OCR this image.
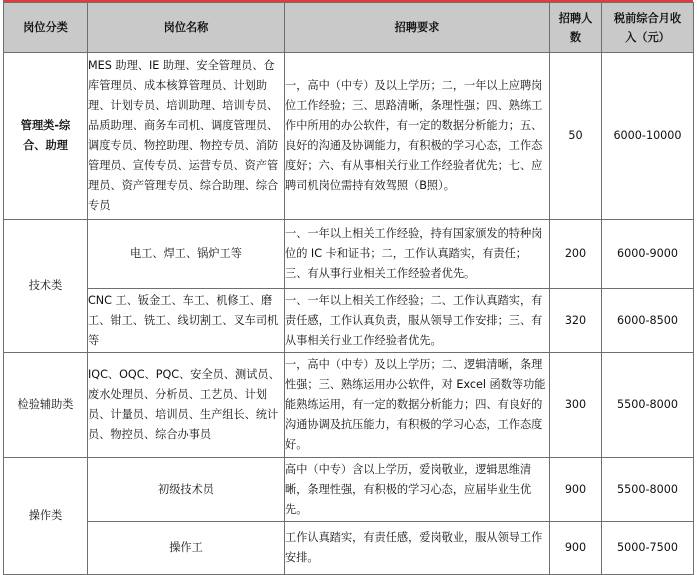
岗位分类	岗位名称	招聘要求	招聘人数	税前综合月收入（元）
管理类-综合、助理	MES 助理、IE 助理、安全管理员、仓库管理员、成本核算管理员、计划助理、计划专员、培训助理、培训专员、品质助理、商务车司机、调度管理员、调度专员、物控助理、物控专员、消防管理员、宣传专员、运营专员、资产管理员、资产管理专员、综合助理、综合专员	一，高中（中专）及以上学历；二，一年以上应聘岗位工作经验；三、思路清晰，条理性强；四、熟练工作中所用的办公软件，有一定的数据分析能力；五、良好的沟通及协调能力，有积极的学习心态，工作态度好；六、有从事相关行业工作经验者优先；七、应聘司机岗位需持有效驾照（B照）。	50	6000-10000
技术类	电工、焊工、锅炉工等	一、一年以上相关工作经验，持有国家颁发的特种岗位的 IC 卡和证书；二，工作认真踏实，有责任；三、有从事行业相关工作经验者优先。	200	6000-9000
	CNC 工、钣金工、车工、机修工、磨工、钳工、铣工、线切割工、叉车司机等	一、一年以上相关工作经验；二、工作认真踏实，有责任感，工作认真负责，服从领导工作安排；三、有从事相关行业工作经验者优先。	320	6000-8500
检验辅助类	IQC、OQC、PQC、安全员、测试员、废水处理员、分析员、工艺员、计划员、计量员、培训员、生产组长、统计员、物控员、综合办事员	一，高中（中专）及以上学历；二、逻辑清晰，条理性强；三、熟练运用办公软件，对 Excel 函数等功能能熟练运用，有一定的数据分析能力；四、有良好的沟通协调及抗压能力，有积极的学习心态，工作态度好。	300	5500-8000
操作类	初级技术员	高中（中专）含以上学历，爱岗敬业，逻辑思维清晰，条理性强，有积极的学习心态，应届毕业生优先。	900	5500-8000
	操作工	工作认真踏实，有责任感，爱岗敬业，服从领导工作安排。	900	5000-7500
